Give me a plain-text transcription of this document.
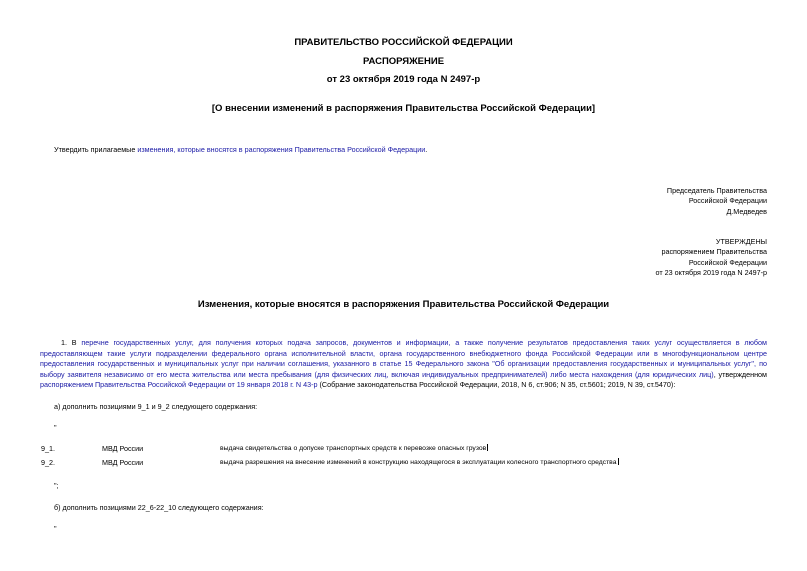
ПРАВИТЕЛЬСТВО РОССИЙСКОЙ ФЕДЕРАЦИИ
РАСПОРЯЖЕНИЕ
от 23 октября 2019 года N 2497-р
[О внесении изменений в распоряжения Правительства Российской Федерации]
Утвердить прилагаемые изменения, которые вносятся в распоряжения Правительства Российской Федерации.
Председатель Правительства
Российской Федерации
Д.Медведев
УТВЕРЖДЕНЫ
распоряжением Правительства
Российской Федерации
от 23 октября 2019 года N 2497-р
Изменения, которые вносятся в распоряжения Правительства Российской Федерации
1. В перечне государственных услуг, для получения которых подача запросов, документов и информации, а также получение результатов предоставления таких услуг осуществляется в любом предоставляющем такие услуги подразделении федерального органа исполнительной власти, органа государственного внебюджетного фонда Российской Федерации или в многофункциональном центре предоставления государственных и муниципальных услуг при наличии соглашения, указанного в статье 15 Федерального закона "Об организации предоставления государственных и муниципальных услуг", по выбору заявителя независимо от его места жительства или места пребывания (для физических лиц, включая индивидуальных предпринимателей) либо места нахождения (для юридических лиц), утвержденном распоряжением Правительства Российской Федерации от 19 января 2018 г. N 43-р (Собрание законодательства Российской Федерации, 2018, N 6, ст.906; N 35, ст.5601; 2019, N 39, ст.5470):
а) дополнить позициями 9_1 и 9_2 следующего содержания:
"
9_1.	МВД России	выдача свидетельства о допуске транспортных средств к перевозке опасных грузов
9_2.	МВД России	выдача разрешения на внесение изменений в конструкцию находящегося в эксплуатации колесного транспортного средства
";
б) дополнить позициями 22_6-22_10 следующего содержания:
"
